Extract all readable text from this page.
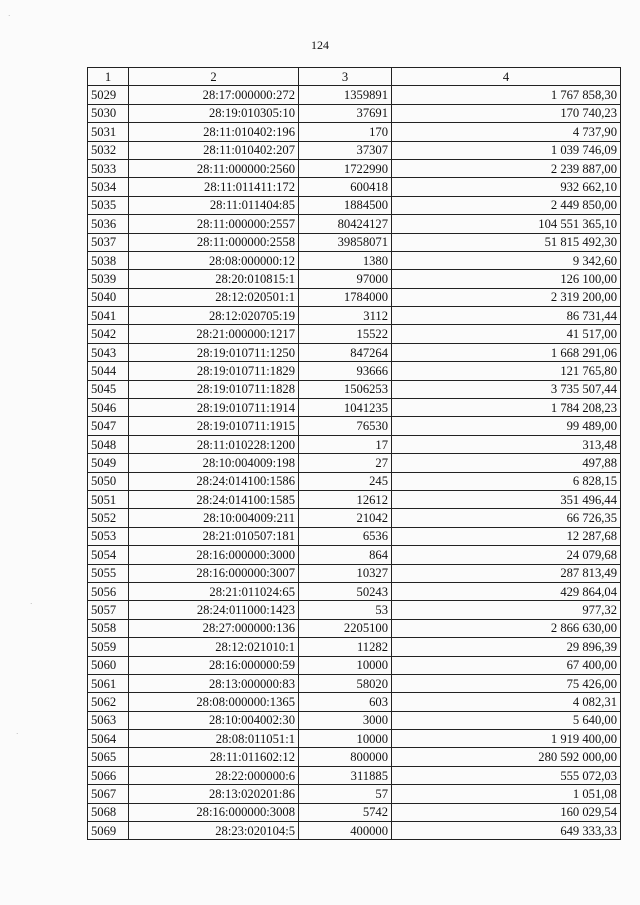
124
1	2	3	4
5029	28:17:000000:272	1359891	1 767 858,30
5030	28:19:010305:10	37691	170 740,23
5031	28:11:010402:196	170	4 737,90
5032	28:11:010402:207	37307	1 039 746,09
5033	28:11:000000:2560	1722990	2 239 887,00
5034	28:11:011411:172	600418	932 662,10
5035	28:11:011404:85	1884500	2 449 850,00
5036	28:11:000000:2557	80424127	104 551 365,10
5037	28:11:000000:2558	39858071	51 815 492,30
5038	28:08:000000:12	1380	9 342,60
5039	28:20:010815:1	97000	126 100,00
5040	28:12:020501:1	1784000	2 319 200,00
5041	28:12:020705:19	3112	86 731,44
5042	28:21:000000:1217	15522	41 517,00
5043	28:19:010711:1250	847264	1 668 291,06
5044	28:19:010711:1829	93666	121 765,80
5045	28:19:010711:1828	1506253	3 735 507,44
5046	28:19:010711:1914	1041235	1 784 208,23
5047	28:19:010711:1915	76530	99 489,00
5048	28:11:010228:1200	17	313,48
5049	28:10:004009:198	27	497,88
5050	28:24:014100:1586	245	6 828,15
5051	28:24:014100:1585	12612	351 496,44
5052	28:10:004009:211	21042	66 726,35
5053	28:21:010507:181	6536	12 287,68
5054	28:16:000000:3000	864	24 079,68
5055	28:16:000000:3007	10327	287 813,49
5056	28:21:011024:65	50243	429 864,04
5057	28:24:011000:1423	53	977,32
5058	28:27:000000:136	2205100	2 866 630,00
5059	28:12:021010:1	11282	29 896,39
5060	28:16:000000:59	10000	67 400,00
5061	28:13:000000:83	58020	75 426,00
5062	28:08:000000:1365	603	4 082,31
5063	28:10:004002:30	3000	5 640,00
5064	28:08:011051:1	10000	1 919 400,00
5065	28:11:011602:12	800000	280 592 000,00
5066	28:22:000000:6	311885	555 072,03
5067	28:13:020201:86	57	1 051,08
5068	28:16:000000:3008	5742	160 029,54
5069	28:23:020104:5	400000	649 333,33
·
·
·
